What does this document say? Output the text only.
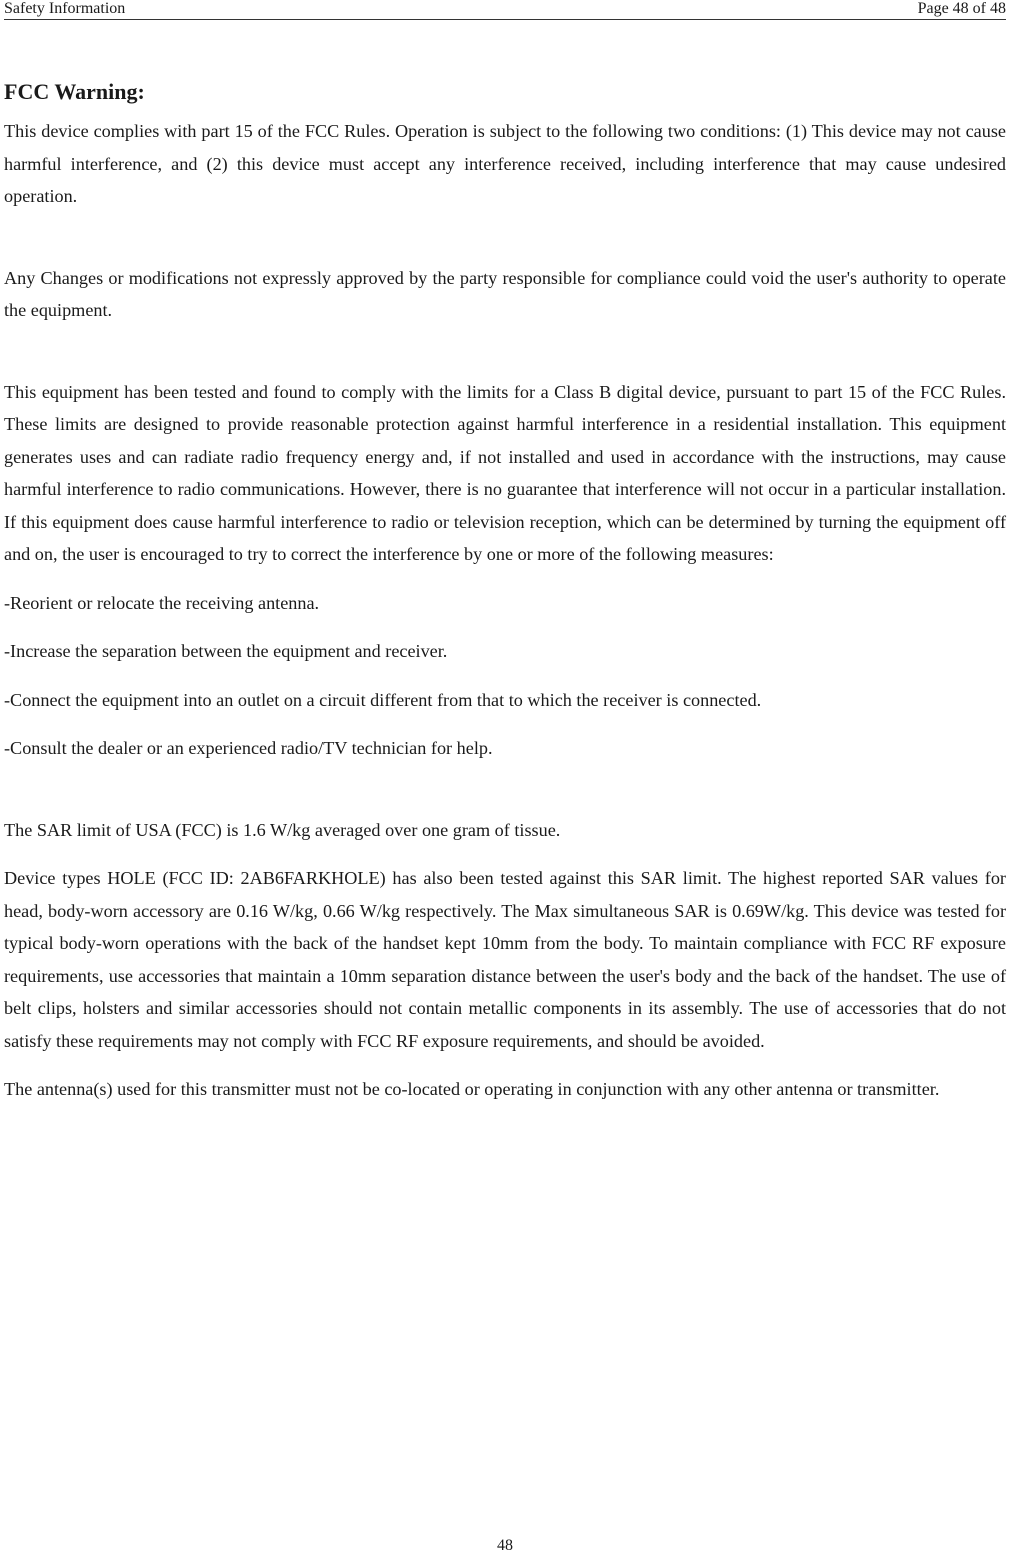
Safety Information	Page 48 of 48
FCC Warning:

This device complies with part 15 of the FCC Rules. Operation is subject to the following two conditions: (1) This device may not cause harmful interference, and (2) this device must accept any interference received, including interference that may cause undesired operation.

Any Changes or modifications not expressly approved by the party responsible for compliance could void the user's authority to operate the equipment.

This equipment has been tested and found to comply with the limits for a Class B digital device, pursuant to part 15 of the FCC Rules. These limits are designed to provide reasonable protection against harmful interference in a residential installation. This equipment generates uses and can radiate radio frequency energy and, if not installed and used in accordance with the instructions, may cause harmful interference to radio communications. However, there is no guarantee that interference will not occur in a particular installation. If this equipment does cause harmful interference to radio or television reception, which can be determined by turning the equipment off and on, the user is encouraged to try to correct the interference by one or more of the following measures:

-Reorient or relocate the receiving antenna.

-Increase the separation between the equipment and receiver.

-Connect the equipment into an outlet on a circuit different from that to which the receiver is connected.

-Consult the dealer or an experienced radio/TV technician for help.

The SAR limit of USA (FCC) is 1.6 W/kg averaged over one gram of tissue.

Device types HOLE (FCC ID: 2AB6FARKHOLE) has also been tested against this SAR limit. The highest reported SAR values for head, body-worn accessory are 0.16 W/kg, 0.66 W/kg respectively. The Max simultaneous SAR is 0.69W/kg. This device was tested for typical body-worn operations with the back of the handset kept 10mm from the body. To maintain compliance with FCC RF exposure requirements, use accessories that maintain a 10mm separation distance between the user's body and the back of the handset. The use of belt clips, holsters and similar accessories should not contain metallic components in its assembly. The use of accessories that do not satisfy these requirements may not comply with FCC RF exposure requirements, and should be avoided.

The antenna(s) used for this transmitter must not be co-located or operating in conjunction with any other antenna or transmitter.

48
